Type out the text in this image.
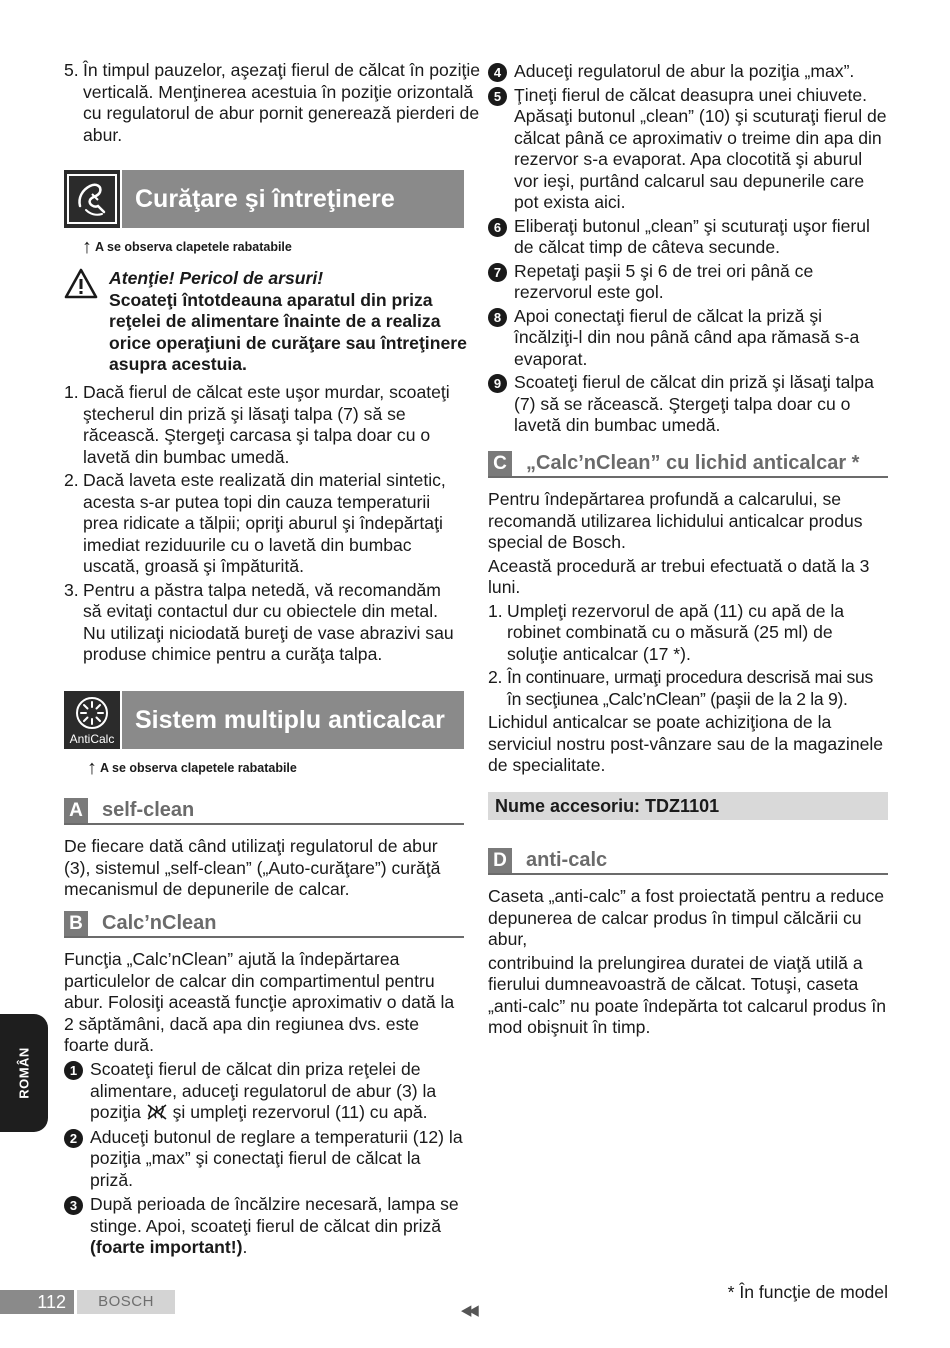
5. În timpul pauzelor, aşezaţi fierul de călcat în poziţie verticală. Menţinerea acestuia în poziţie orizontală cu regulatorul de abur pornit generează pierderi de abur.
Curăţare şi întreţinere
↑ A se observa clapetele rabatabile

Atenţie! Pericol de arsuri!

Scoateţi întotdeauna aparatul din priza reţelei de alimentare înainte de a realiza orice operaţiuni de curăţare sau întreţinere asupra acestuia.

1. Dacă fierul de călcat este uşor murdar, scoateţi ştecherul din priză şi lăsaţi talpa (7) să se răcească. Ştergeţi carcasa şi talpa doar cu o lavetă din bumbac umedă.
2. Dacă laveta este realizată din material sintetic, acesta s-ar putea topi din cauza temperaturii prea ridicate a tălpii; opriţi aburul şi îndepărtaţi imediat reziduurile cu o lavetă din bumbac uscată, groasă şi împăturită.
3. Pentru a păstra talpa netedă, vă recomandăm să evitaţi contactul dur cu obiectele din metal. Nu utilizaţi niciodată bureţi de vase abrazivi sau produse chimice pentru a curăţa talpa.
AntiCalc
Sistem multiplu anticalcar
↑ A se observa clapetele rabatabile
A self-clean

De fiecare dată când utilizaţi regulatorul de abur (3), sistemul „self-clean” („Auto-curăţare”) curăţă mecanismul de depunerile de calcar.

B Calc’nClean

Funcţia „Calc’nClean” ajută la îndepărtarea particulelor de calcar din compartimentul pentru abur. Folosiţi această funcţie aproximativ o dată la 2 săptămâni, dacă apa din regiunea dvs. este foarte dură.

1 Scoateţi fierul de călcat din priza reţelei de alimentare, aduceţi regulatorul de abur (3) la poziţia  şi umpleţi rezervorul (11) cu apă.
2 Aduceţi butonul de reglare a temperaturii (12) la poziţia „max” şi conectaţi fierul de călcat la priză.
3 După perioada de încălzire necesară, lampa se stinge. Apoi, scoateţi fierul de călcat din priză (foarte important!).
4 Aduceţi regulatorul de abur la poziţia „max”.
5 Ţineţi fierul de călcat deasupra unei chiuvete. Apăsaţi butonul „clean” (10) şi scuturaţi fierul de călcat până ce aproximativ o treime din apa din rezervor s-a evaporat. Apa clocotită şi aburul vor ieşi, purtând calcarul sau depunerile care pot exista aici.
6 Eliberaţi butonul „clean” şi scuturaţi uşor fierul de călcat timp de câteva secunde.
7 Repetaţi paşii 5 şi 6 de trei ori până ce rezervorul este gol.
8 Apoi conectaţi fierul de călcat la priză şi încălziţi-l din nou până când apa rămasă s-a evaporat.
9 Scoateţi fierul de călcat din priză şi lăsaţi talpa (7) să se răcească. Ştergeţi talpa doar cu o lavetă din bumbac umedă.
C „Calc’nClean” cu lichid anticalcar *

Pentru îndepărtarea profundă a calcarului, se recomandă utilizarea lichidului anticalcar produs special de Bosch.

Această procedură ar trebui efectuată o dată la 3 luni.

1. Umpleţi rezervorul de apă (11) cu apă de la robinet combinată cu o măsură (25 ml) de soluţie anticalcar (17 *).
2. În continuare, urmaţi procedura descrisă mai sus în secţiunea „Calc’nClean” (paşii de la 2 la 9).

Lichidul anticalcar se poate achiziţiona de la serviciul nostru post-vânzare sau de la magazinele de specialitate.

Nume accesoriu: TDZ1101
D anti-calc

Caseta „anti-calc” a fost proiectată pentru a reduce depunerea de calcar produs în timpul călcării cu abur,

contribuind la prelungirea duratei de viaţă utilă a fierului dumneavoastră de călcat. Totuşi, caseta „anti-calc” nu poate îndepărta tot calcarul produs în mod obişnuit în timp.

ROMÂN
112	BOSCH
◀◀
* În funcţie de model
